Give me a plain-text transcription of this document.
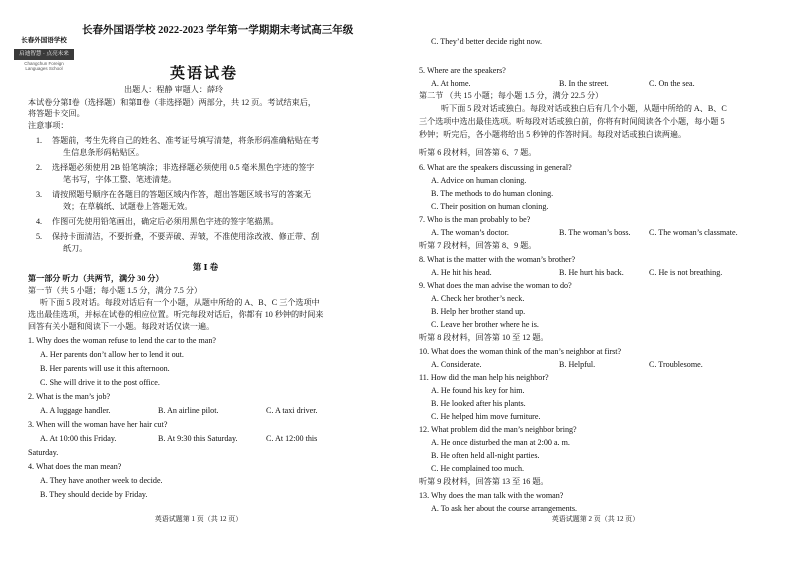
长春外国语学校
启迪智慧 · 点亮未来
Changchun Foreign Languages School
长春外国语学校 2022-2023 学年第一学期期末考试高三年级
英语试卷
出题人：程静 审题人：薛玲
本试卷分第Ⅰ卷（选择题）和第Ⅱ卷（非选择题）两部分，共 12 页。考试结束后，
将答题卡交回。
注意事项：
1. 答题前，考生先将自己的姓名、准考证号填写清楚，将条形码准确粘贴在考
生信息条形码粘贴区。
2. 选择题必须使用 2B 铅笔填涂；非选择题必须使用 0.5 毫米黑色字迹的签字
笔书写，字体工整、笔迹清楚。
3. 请按照题号顺序在各题目的答题区域内作答，超出答题区域书写的答案无
效；在草稿纸、试题卷上答题无效。
4. 作图可先使用铅笔画出，确定后必须用黑色字迹的签字笔描黑。
5. 保持卡面清洁，不要折叠，不要弄破、弄皱，不准使用涂改液、修正带、刮
纸刀。
第 Ⅰ 卷
第一部分 听力（共两节，满分 30 分）
第一节（共 5 小题；每小题 1.5 分，满分 7.5 分）
听下面 5 段对话。每段对话后有一个小题，从题中所给的 A、B、C 三个选项中
选出最佳选项，并标在试卷的相应位置。听完每段对话后，你都有 10 秒钟的时间来
回答有关小题和阅读下一小题。每段对话仅读一遍。
1. Why does the woman refuse to lend the car to the man?
A. Her parents don’t allow her to lend it out.
B. Her parents will use it this afternoon.
C. She will drive it to the post office.
2. What is the man’s job?
A. A luggage handler.	B. An airline pilot.	C. A taxi driver.
3. When will the woman have her hair cut?
A. At 10:00 this Friday.	B. At 9:30 this Saturday.	C. At 12:00 this
Saturday.
4. What does the man mean?
A. They have another week to decide.
B. They should decide by Friday.
英语试题第 1 页（共 12 页）
C. They’d better decide right now.
5. Where are the speakers?
A. At home.	B. In the street.	C. On the sea.
第二节 （共 15 小题；每小题 1.5 分，满分 22.5 分）
听下面 5 段对话或独白。每段对话或独白后有几个小题，从题中所给的 A、B、C
三个选项中选出最佳选项。听每段对话或独白前，你将有时间阅读各个小题，每小题 5
秒钟；听完后，各小题将给出 5 秒钟的作答时间。每段对话或独白读两遍。
听第 6 段材料，回答第 6、7 题。
6. What are the speakers discussing in general?
A. Advice on human cloning.
B. The methods to do human cloning.
C. Their position on human cloning.
7. Who is the man probably to be?
A. The woman’s doctor.	B. The woman’s boss. C. The woman’s classmate.
听第 7 段材料，回答第 8、9 题。
8. What is the matter with the woman’s brother?
A. He hit his head.	B. He hurt his back.	C. He is not breathing.
9. What does the man advise the woman to do?
A. Check her brother’s neck.
B. Help her brother stand up.
C. Leave her brother where he is.
听第 8 段材料，回答第 10 至 12 题。
10. What does the woman think of the man’s neighbor at first?
A. Considerate.	B. Helpful.	C. Troublesome.
11. How did the man help his neighbor?
A. He found his key for him.
B. He looked after his plants.
C. He helped him move furniture.
12. What problem did the man’s neighbor bring?
A. He once disturbed the man at 2:00 a. m.
B. He often held all-night parties.
C. He complained too much.
听第 9 段材料，回答第 13 至 16 题。
13. Why does the man talk with the woman?
A. To ask her about the course arrangements.
英语试题第 2 页（共 12 页）
